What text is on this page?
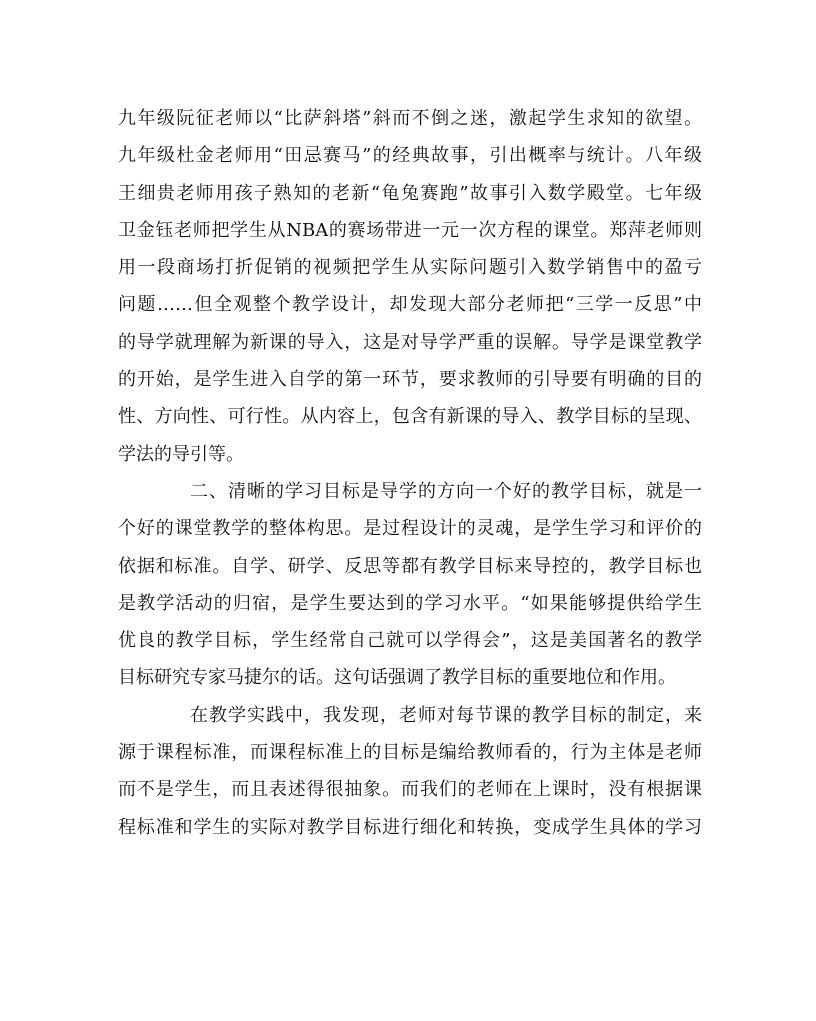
九年级阮征老师以“比萨斜塔”斜而不倒之迷，激起学生求知的欲望。
九年级杜金老师用“田忌赛马”的经典故事，引出概率与统计。八年级
王细贵老师用孩子熟知的老新“龟兔赛跑”故事引入数学殿堂。七年级
卫金钰老师把学生从NBA的赛场带进一元一次方程的课堂。郑萍老师则
用一段商场打折促销的视频把学生从实际问题引入数学销售中的盈亏
问题……但全观整个教学设计，却发现大部分老师把“三学一反思”中
的导学就理解为新课的导入，这是对导学严重的误解。导学是课堂教学
的开始，是学生进入自学的第一环节，要求教师的引导要有明确的目的
性、方向性、可行性。从内容上，包含有新课的导入、教学目标的呈现、
学法的导引等。
二、清晰的学习目标是导学的方向一个好的教学目标，就是一
个好的课堂教学的整体构思。是过程设计的灵魂，是学生学习和评价的
依据和标准。自学、研学、反思等都有教学目标来导控的，教学目标也
是教学活动的归宿，是学生要达到的学习水平。“如果能够提供给学生
优良的教学目标，学生经常自己就可以学得会”，这是美国著名的教学
目标研究专家马捷尔的话。这句话强调了教学目标的重要地位和作用。
在教学实践中，我发现，老师对每节课的教学目标的制定，来
源于课程标准，而课程标准上的目标是编给教师看的，行为主体是老师
而不是学生，而且表述得很抽象。而我们的老师在上课时，没有根据课
程标准和学生的实际对教学目标进行细化和转换，变成学生具体的学习
